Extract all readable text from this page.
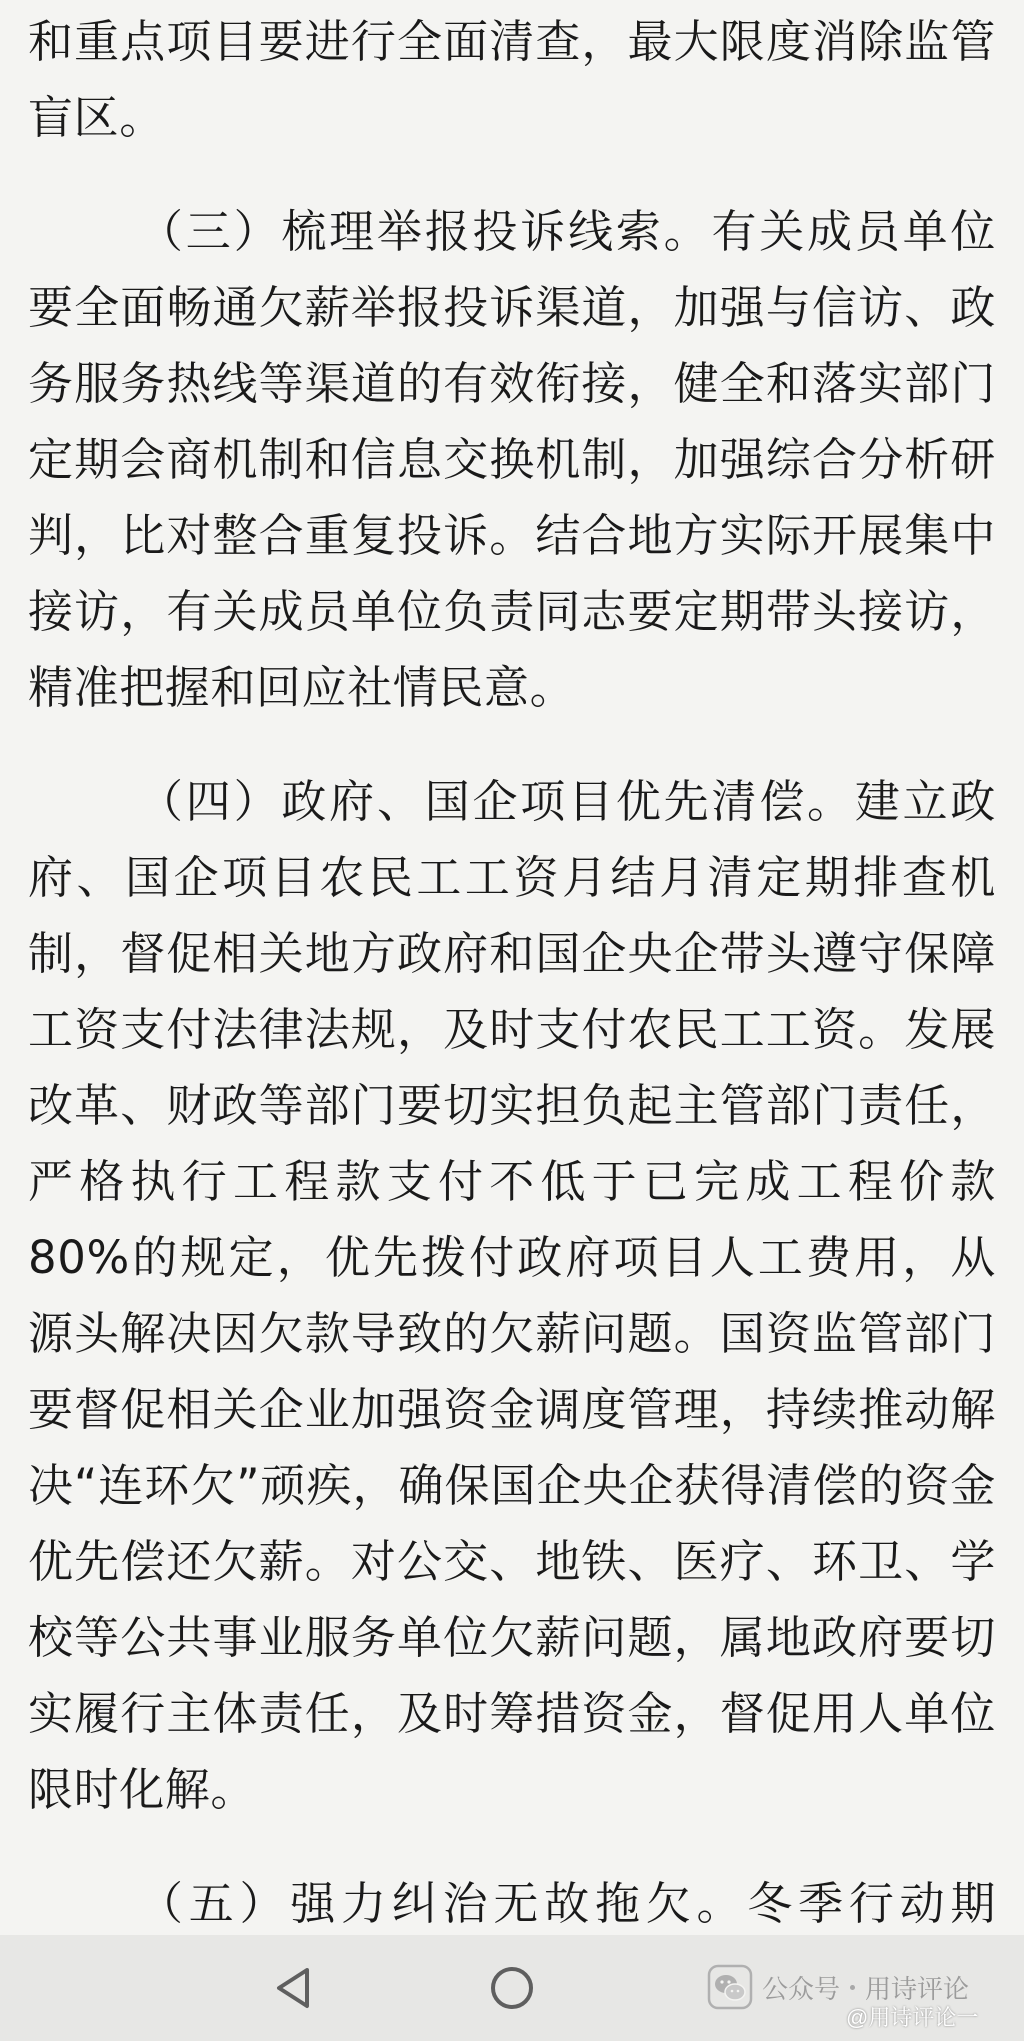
和重点项目要进行全面清查，最大限度消除监管盲区。

（三）梳理举报投诉线索。有关成员单位要全面畅通欠薪举报投诉渠道，加强与信访、政务服务热线等渠道的有效衔接，健全和落实部门定期会商机制和信息交换机制，加强综合分析研判，比对整合重复投诉。结合地方实际开展集中接访，有关成员单位负责同志要定期带头接访，精准把握和回应社情民意。

（四）政府、国企项目优先清偿。建立政府、国企项目农民工工资月结月清定期排查机制，督促相关地方政府和国企央企带头遵守保障工资支付法律法规，及时支付农民工工资。发展改革、财政等部门要切实担负起主管部门责任，严格执行工程款支付不低于已完成工程价款80%的规定，优先拨付政府项目人工费用，从源头解决因欠款导致的欠薪问题。国资监管部门要督促相关企业加强资金调度管理，持续推动解决“连环欠”顽疾，确保国企央企获得清偿的资金优先偿还欠薪。对公交、地铁、医疗、环卫、学校等公共事业服务单位欠薪问题，属地政府要切实履行主体责任，及时筹措资金，督促用人单位限时化解。

（五）强力纠治无故拖欠。冬季行动期

公众号 用诗评论
@用诗评论一
